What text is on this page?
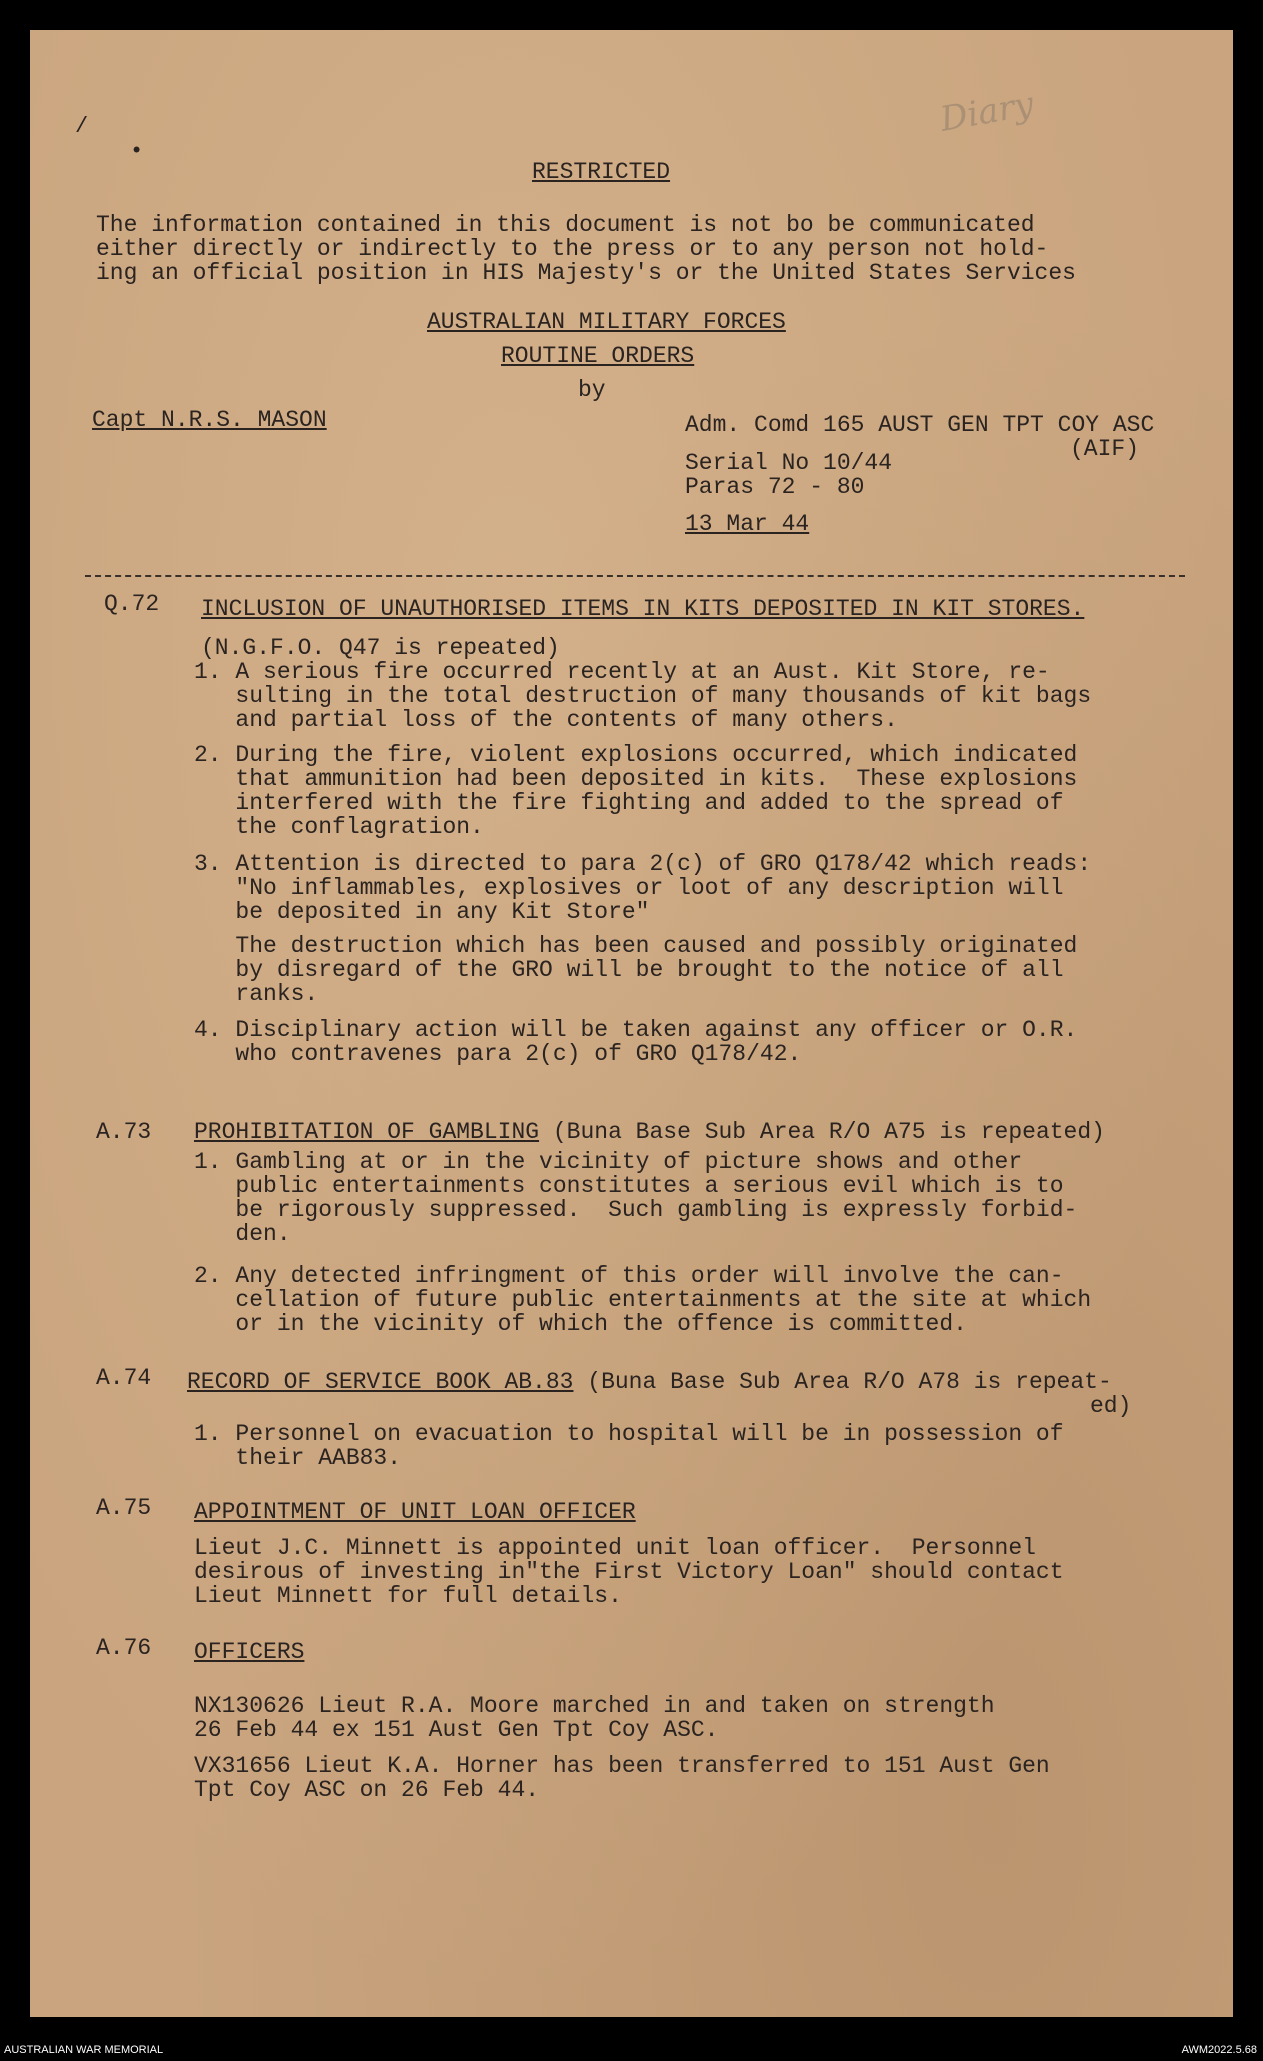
Diary
/
•
RESTRICTED
The information contained in this document is not bo be communicated
either directly or indirectly to the press or to any person not hold-
ing an official position in HIS Majesty's or the United States Services
AUSTRALIAN MILITARY FORCES
ROUTINE ORDERS
by
Capt N.R.S. MASON	Adm. Comd 165 AUST GEN TPT COY ASC
(AIF)
Serial No 10/44
Paras 72 - 80
13 Mar 44
Q.72 INCLUSION OF UNAUTHORISED ITEMS IN KITS DEPOSITED IN KIT STORES.
(N.G.F.O. Q47 is repeated)
1. A serious fire occurred recently at an Aust. Kit Store, re-
sulting in the total destruction of many thousands of kit bags
and partial loss of the contents of many others.
2. During the fire, violent explosions occurred, which indicated
that ammunition had been deposited in kits.  These explosions
interfered with the fire fighting and added to the spread of
the conflagration.
3. Attention is directed to para 2(c) of GRO Q178/42 which reads:
"No inflammables, explosives or loot of any description will
be deposited in any Kit Store"
The destruction which has been caused and possibly originated
by disregard of the GRO will be brought to the notice of all
ranks.
4. Disciplinary action will be taken against any officer or O.R.
who contravenes para 2(c) of GRO Q178/42.
A.73 PROHIBITATION OF GAMBLING (Buna Base Sub Area R/O A75 is repeated)
1. Gambling at or in the vicinity of picture shows and other
public entertainments constitutes a serious evil which is to
be rigorously suppressed.  Such gambling is expressly forbid-
den.
2. Any detected infringment of this order will involve the can-
cellation of future public entertainments at the site at which
or in the vicinity of which the offence is committed.
A.74 RECORD OF SERVICE BOOK AB.83 (Buna Base Sub Area R/O A78 is repeat-
ed)
1. Personnel on evacuation to hospital will be in possession of
their AAB83.
A.75 APPOINTMENT OF UNIT LOAN OFFICER
Lieut J.C. Minnett is appointed unit loan officer.  Personnel
desirous of investing in"the First Victory Loan" should contact
Lieut Minnett for full details.
A.76 OFFICERS
NX130626 Lieut R.A. Moore marched in and taken on strength
26 Feb 44 ex 151 Aust Gen Tpt Coy ASC.
VX31656 Lieut K.A. Horner has been transferred to 151 Aust Gen
Tpt Coy ASC on 26 Feb 44.
AUSTRALIAN WAR MEMORIAL	AWM2022.5.68
